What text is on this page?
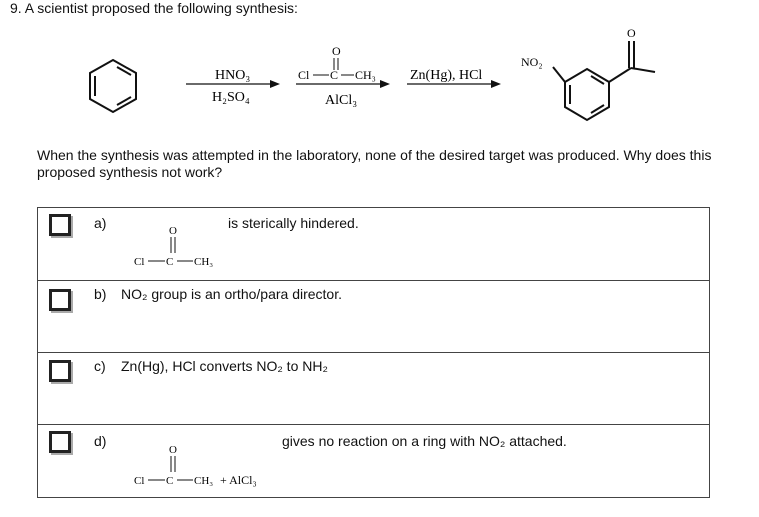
9. A scientist proposed the following synthesis:
HNO₃
H₂SO₄
O
Cl C CH₃
AlCl₃
Zn(Hg), HCl
NO₂
O
When the synthesis was attempted in the laboratory, none of the desired target was produced. Why does this proposed synthesis not work?
a)	is sterically hindered.
O
Cl C CH₃
b) NO₂ group is an ortho/para director.
c) Zn(Hg), HCl converts NO₂ to NH₂
d)	gives no reaction on a ring with NO₂ attached.
O
Cl C CH₃ + AlCl₃
